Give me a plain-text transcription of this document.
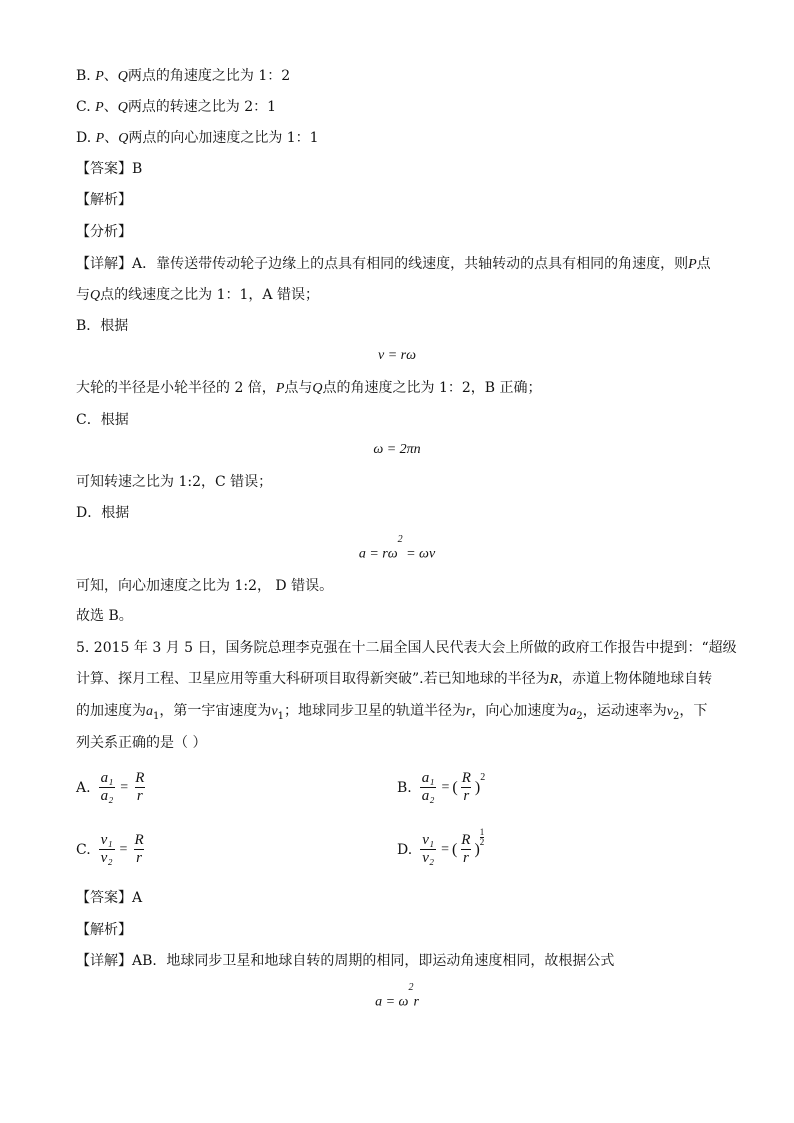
B. P、Q两点的角速度之比为 1：2
C. P、Q两点的转速之比为 2：1
D. P、Q两点的向心加速度之比为 1：1
【答案】B
【解析】
【分析】
【详解】A．靠传送带传动轮子边缘上的点具有相同的线速度，共轴转动的点具有相同的角速度，则P点
与Q点的线速度之比为 1：1，A 错误；
B．根据
v = rω
大轮的半径是小轮半径的 2 倍，P点与Q点的角速度之比为 1：2，B 正确；
C．根据
ω = 2πn
可知转速之比为 1:2，C 错误；
D．根据
$a = r\omega^2 = \omega v$
可知，向心加速度之比为 1:2， D 错误。
故选 B。
5. 2015 年 3 月 5 日，国务院总理李克强在十二届全国人民代表大会上所做的政府工作报告中提到：“超级
计算、探月工程、卫星应用等重大科研项目取得新突破”.若已知地球的半径为R，赤道上物体随地球自转
的加速度为$a_1$，第一宇宙速度为$v_1$；地球同步卫星的轨道半径为r，向心加速度为$a_2$，运动速率为$v_2$，下
列关系正确的是（ ）
A. $\frac{\text{a₁}}{\text{a₂}} = \frac{R}{r}$	B. $\frac{\text{a₁}}{\text{a₂}}$ = ( $\frac{R}{r}$ )
$^2$
C. $\frac{\text{v₁}}{\text{v₂}} = \frac{R}{r}$	D. $\frac{\text{v₁}}{\text{v₂}}$ = ( $\frac{R}{r}$ )
$\frac{1}{2}$
【答案】A
【解析】
【详解】AB．地球同步卫星和地球自转的周期的相同，即运动角速度相同，故根据公式
$a = \omega^2r$
